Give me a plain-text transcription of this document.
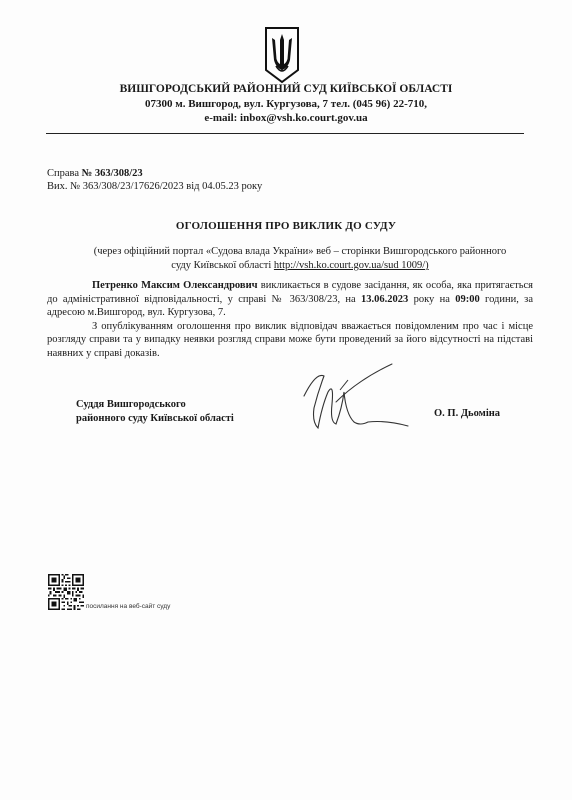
ВИШГОРОДСЬКИЙ РАЙОННИЙ СУД КИЇВСЬКОЇ ОБЛАСТІ
07300 м. Вишгород, вул. Кургузова, 7 тел. (045 96) 22-710,
e-mail: inbox@vsh.ko.court.gov.ua
Справа № 363/308/23
Вих. № 363/308/23/17626/2023 від 04.05.23 року
ОГОЛОШЕННЯ ПРО ВИКЛИК ДО СУДУ
(через офіційний портал «Судова влада України» веб – сторінки Вишгородського районного
суду Київської області http://vsh.ko.court.gov.ua/sud 1009/)

Петренко Максим Олександрович викликається в судове засідання, як особа, яка притягається до адміністративної відповідальності, у справі № 363/308/23, на 13.06.2023 року на 09:00 години, за адресою м.Вишгород, вул. Кургузова, 7.

З опублікуванням оголошення про виклик відповідач вважається повідомленим про час і місце розгляду справи та у випадку неявки розгляд справи може бути проведений за його відсутності на підставі наявних у справі доказів.

Суддя Вишгородського
районного суду Київської області	О. П. Дьоміна
посилання на веб-сайт суду
